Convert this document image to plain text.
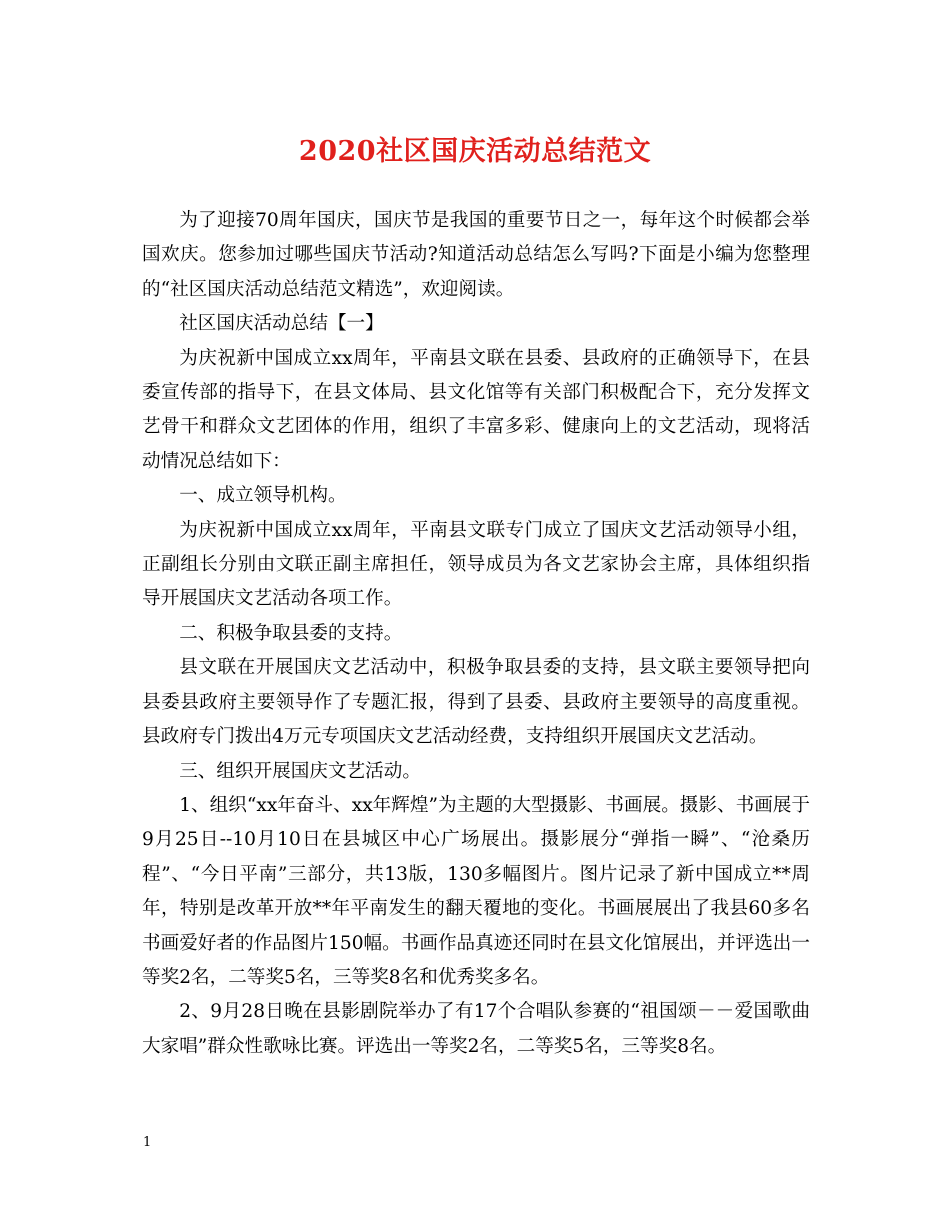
2020社区国庆活动总结范文

为了迎接70周年国庆，国庆节是我国的重要节日之一，每年这个时候都会举国欢庆。您参加过哪些国庆节活动?知道活动总结怎么写吗?下面是小编为您整理的“社区国庆活动总结范文精选”，欢迎阅读。

社区国庆活动总结【一】

为庆祝新中国成立xx周年，平南县文联在县委、县政府的正确领导下，在县委宣传部的指导下，在县文体局、县文化馆等有关部门积极配合下，充分发挥文艺骨干和群众文艺团体的作用，组织了丰富多彩、健康向上的文艺活动，现将活动情况总结如下：

一、成立领导机构。

为庆祝新中国成立xx周年，平南县文联专门成立了国庆文艺活动领导小组，正副组长分别由文联正副主席担任，领导成员为各文艺家协会主席，具体组织指导开展国庆文艺活动各项工作。

二、积极争取县委的支持。

县文联在开展国庆文艺活动中，积极争取县委的支持，县文联主要领导把向县委县政府主要领导作了专题汇报，得到了县委、县政府主要领导的高度重视。县政府专门拨出4万元专项国庆文艺活动经费，支持组织开展国庆文艺活动。

三、组织开展国庆文艺活动。

1、组织“xx年奋斗、xx年辉煌”为主题的大型摄影、书画展。摄影、书画展于9月25日--10月10日在县城区中心广场展出。摄影展分“弹指一瞬”、“沧桑历程”、“今日平南”三部分，共13版，130多幅图片。图片记录了新中国成立**周年，特别是改革开放**年平南发生的翻天覆地的变化。书画展展出了我县60多名书画爱好者的作品图片150幅。书画作品真迹还同时在县文化馆展出，并评选出一等奖2名，二等奖5名，三等奖8名和优秀奖多名。

2、9月28日晚在县影剧院举办了有17个合唱队参赛的“祖国颂－－爱国歌曲大家唱”群众性歌咏比赛。评选出一等奖2名，二等奖5名，三等奖8名。

1
